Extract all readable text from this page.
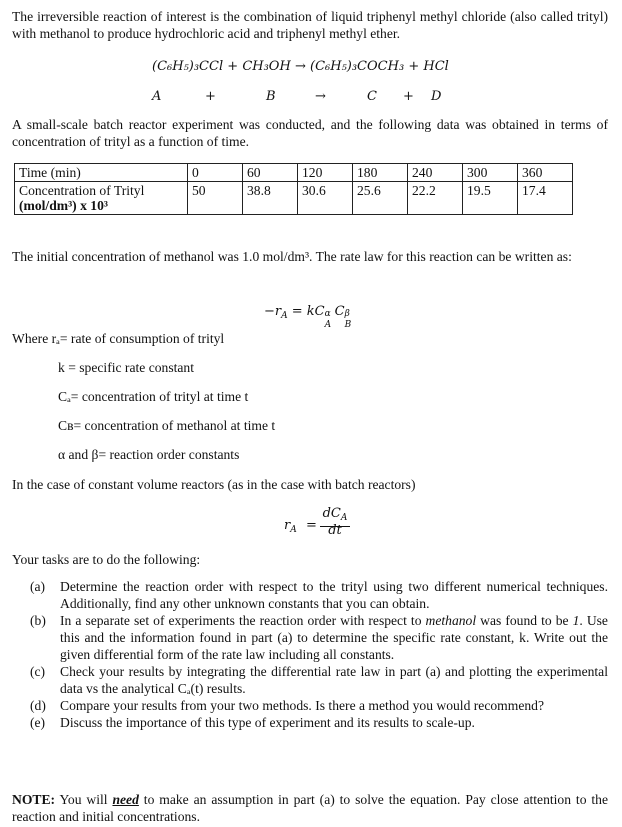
The irreversible reaction of interest is the combination of liquid triphenyl methyl chloride (also called trityl) with methanol to produce hydrochloric acid and triphenyl methyl ether.

(C₆H₅)₃CCl + CH₃OH → (C₆H₅)₃COCH₃ + HCl
A	+	B	→	C + D

A small-scale batch reactor experiment was conducted, and the following data was obtained in terms of concentration of trityl as a function of time.

Time (min)	0	60	120	180	240	300	360

Concentration of Trityl
(mol/dm³) x 10³	50	38.8	30.6	25.6	22.2	19.5	17.4

The initial concentration of methanol was 1.0 mol/dm³. The rate law for this reaction can be written as:

$-r_A$ = kC α
A
C β
B
Where rₐ= rate of consumption of trityl
k = specific rate constant
Cₐ= concentration of trityl at time t
Cʙ= concentration of methanol at time t
α and β= reaction order constants

In the case of constant volume reactors (as in the case with batch reactors)

$r_A$ =
$dC_A$
dt
Your tasks are to do the following:
(a) Determine the reaction order with respect to the trityl using two different numerical techniques. Additionally, find any other unknown constants that you can obtain.
(b) In a separate set of experiments the reaction order with respect to methanol was found to be 1. Use this and the information found in part (a) to determine the specific rate constant, k. Write out the given differential form of the rate law including all constants.
(c) Check your results by integrating the differential rate law in part (a) and plotting the experimental data vs the analytical Cₐ(t) results.
(d) Compare your results from your two methods. Is there a method you would recommend?
(e) Discuss the importance of this type of experiment and its results to scale-up.

NOTE: You will need to make an assumption in part (a) to solve the equation. Pay close attention to the reaction and initial concentrations.
